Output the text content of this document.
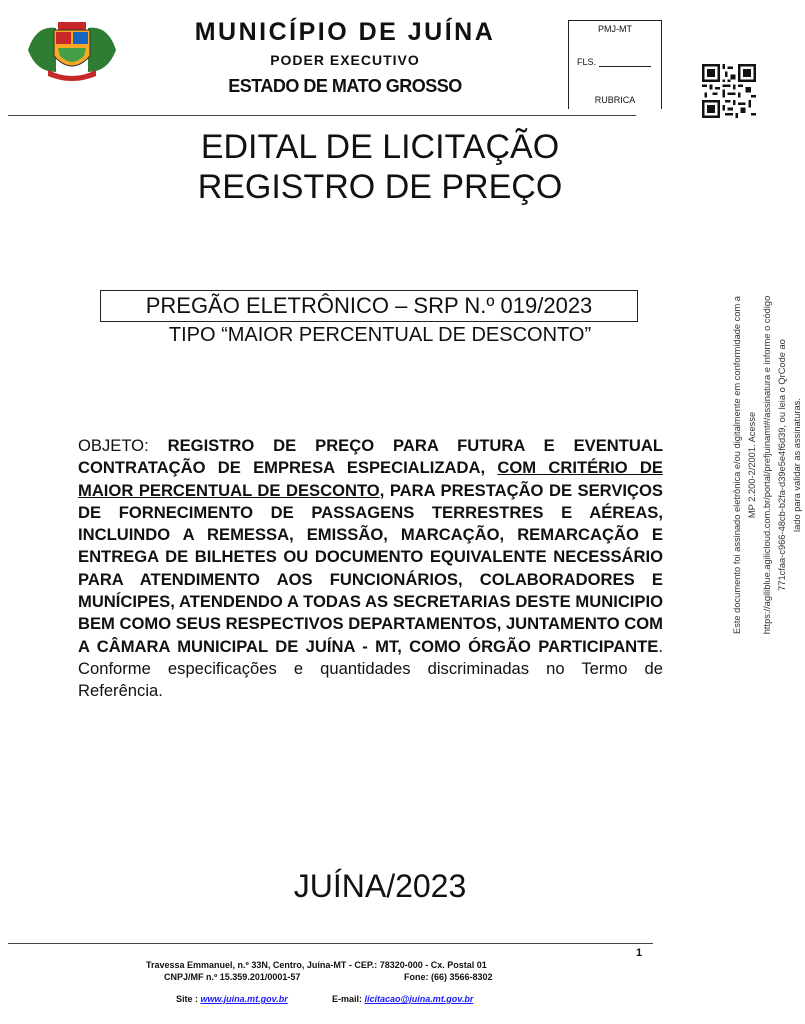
MUNICÍPIO DE JUÍNA
PODER EXECUTIVO
ESTADO DE MATO GROSSO
PMJ-MT
FLS.
RUBRICA
EDITAL DE LICITAÇÃO
REGISTRO DE PREÇO
PREGÃO ELETRÔNICO – SRP N.º 019/2023
TIPO “MAIOR PERCENTUAL DE DESCONTO”
OBJETO: REGISTRO DE PREÇO PARA FUTURA E EVENTUAL CONTRATAÇÃO DE EMPRESA ESPECIALIZADA, COM CRITÉRIO DE MAIOR PERCENTUAL DE DESCONTO, PARA PRESTAÇÃO DE SERVIÇOS DE FORNECIMENTO DE PASSAGENS TERRESTRES E AÉREAS, INCLUINDO A REMESSA, EMISSÃO, MARCAÇÃO, REMARCAÇÃO E ENTREGA DE BILHETES OU DOCUMENTO EQUIVALENTE NECESSÁRIO PARA ATENDIMENTO AOS FUNCIONÁRIOS, COLABORADORES E MUNÍCIPES, ATENDENDO A TODAS AS SECRETARIAS DESTE MUNICIPIO BEM COMO SEUS RESPECTIVOS DEPARTAMENTOS, JUNTAMENTO COM A CÂMARA MUNICIPAL DE JUÍNA - MT, COMO ÓRGÃO PARTICIPANTE. Conforme especificações e quantidades discriminadas no Termo de Referência.
JUÍNA/2023
1
Travessa Emmanuel, n.º 33N, Centro, Juína-MT - CEP.: 78320-000 - Cx. Postal 01
CNPJ/MF n.º 15.359.201/0001-57	Fone: (66) 3566-8302
Site : www.juina.mt.gov.br	E-mail: licitacao@juina.mt.gov.br
Este documento foi assinado eletrônica e/ou digitalmente em conformidade com a MP 2.200-2/2001. Acesse https://agiliblue.agilicloud.com.br/portal/prefjuinamt#/assinatura e informe o código 771cfaa-c966-48cb-b2fa-d39e5e4f6d39, ou leia o QrCode ao lado para validar as assinaturas.
